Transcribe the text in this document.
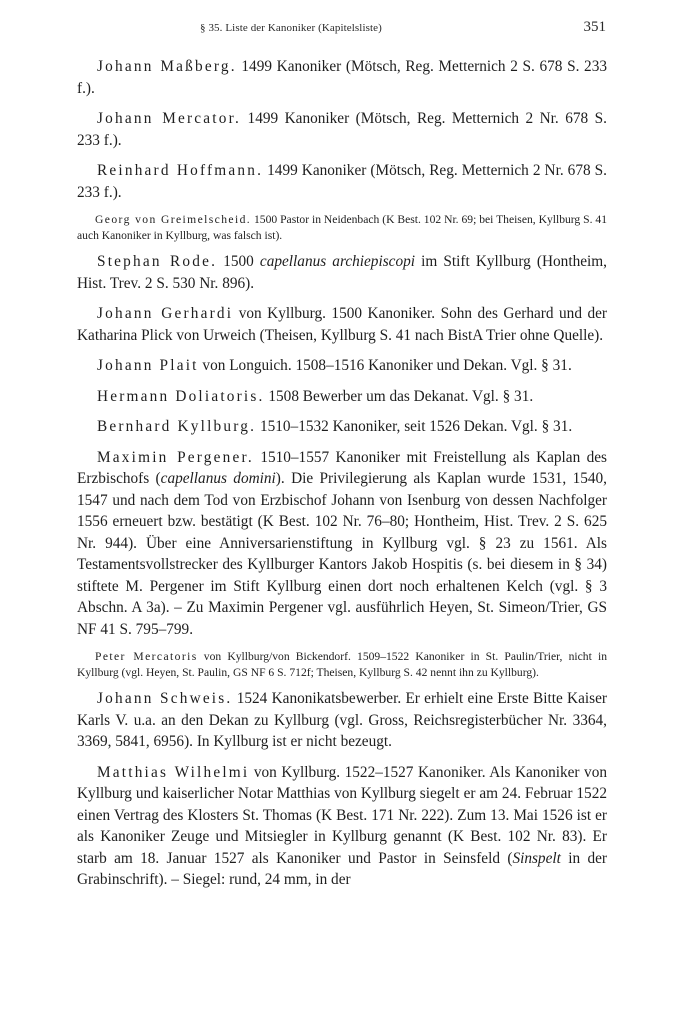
§ 35. Liste der Kanoniker (Kapitelsliste)	351

Johann Maßberg. 1499 Kanoniker (Mötsch, Reg. Metternich 2 S. 678 S. 233 f.).

Johann Mercator. 1499 Kanoniker (Mötsch, Reg. Metternich 2 Nr. 678 S. 233 f.).

Reinhard Hoffmann. 1499 Kanoniker (Mötsch, Reg. Metternich 2 Nr. 678 S. 233 f.).

Georg von Greimelscheid. 1500 Pastor in Neidenbach (K Best. 102 Nr. 69; bei Theisen, Kyllburg S. 41 auch Kanoniker in Kyllburg, was falsch ist).

Stephan Rode. 1500 capellanus archiepiscopi im Stift Kyllburg (Hontheim, Hist. Trev. 2 S. 530 Nr. 896).

Johann Gerhardi von Kyllburg. 1500 Kanoniker. Sohn des Gerhard und der Katharina Plick von Urweich (Theisen, Kyllburg S. 41 nach BistA Trier ohne Quelle).

Johann Plait von Longuich. 1508–1516 Kanoniker und Dekan. Vgl. § 31.

Hermann Doliatoris. 1508 Bewerber um das Dekanat. Vgl. § 31.

Bernhard Kyllburg. 1510–1532 Kanoniker, seit 1526 Dekan. Vgl. § 31.

Maximin Pergener. 1510–1557 Kanoniker mit Freistellung als Kaplan des Erzbischofs (capellanus domini). Die Privilegierung als Kaplan wurde 1531, 1540, 1547 und nach dem Tod von Erzbischof Johann von Isenburg von dessen Nachfolger 1556 erneuert bzw. bestätigt (K Best. 102 Nr. 76–80; Hontheim, Hist. Trev. 2 S. 625 Nr. 944). Über eine Anniversarienstiftung in Kyllburg vgl. § 23 zu 1561. Als Testamentsvollstrecker des Kyllburger Kantors Jakob Hospitis (s. bei diesem in § 34) stiftete M. Pergener im Stift Kyllburg einen dort noch erhaltenen Kelch (vgl. § 3 Abschn. A 3a). – Zu Maximin Pergener vgl. ausführlich Heyen, St. Simeon/Trier, GS NF 41 S. 795–799.

Peter Mercatoris von Kyllburg/von Bickendorf. 1509–1522 Kanoniker in St. Paulin/Trier, nicht in Kyllburg (vgl. Heyen, St. Paulin, GS NF 6 S. 712f; Theisen, Kyllburg S. 42 nennt ihn zu Kyllburg).

Johann Schweis. 1524 Kanonikatsbewerber. Er erhielt eine Erste Bitte Kaiser Karls V. u.a. an den Dekan zu Kyllburg (vgl. Gross, Reichsregisterbücher Nr. 3364, 3369, 5841, 6956). In Kyllburg ist er nicht bezeugt.

Matthias Wilhelmi von Kyllburg. 1522–1527 Kanoniker. Als Kanoniker von Kyllburg und kaiserlicher Notar Matthias von Kyllburg siegelt er am 24. Februar 1522 einen Vertrag des Klosters St. Thomas (K Best. 171 Nr. 222). Zum 13. Mai 1526 ist er als Kanoniker Zeuge und Mitsiegler in Kyllburg genannt (K Best. 102 Nr. 83). Er starb am 18. Januar 1527 als Kanoniker und Pastor in Seinsfeld (Sinspelt in der Grabinschrift). – Siegel: rund, 24 mm, in der
